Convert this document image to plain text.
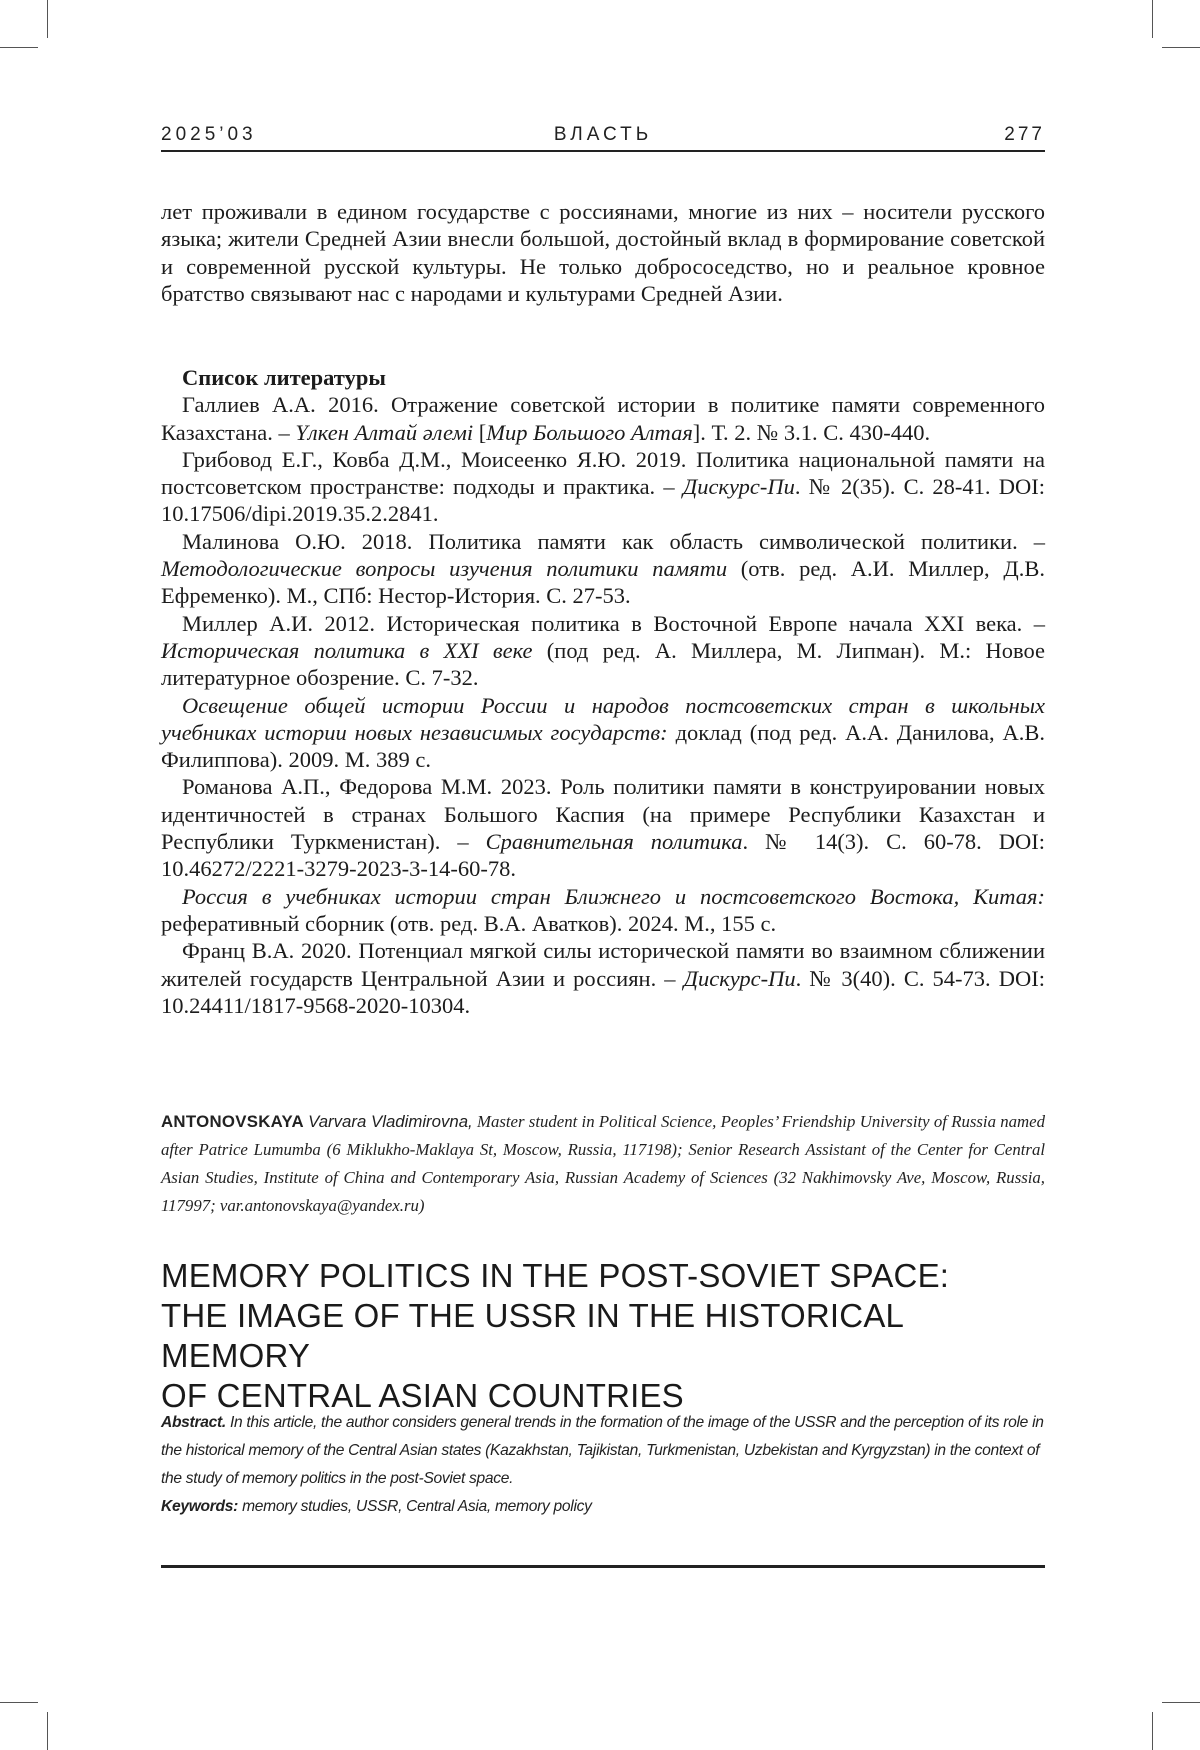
ВЛАСТЬ
2025’03	277
лет проживали в едином государстве с россиянами, многие из них – носители русского языка; жители Средней Азии внесли большой, достойный вклад в формирование советской и современной русской культуры. Не только добрососедство, но и реальное кровное братство связывают нас с народами и культурами Средней Азии.
Список литературы

Галлиев А.А. 2016. Отражение советской истории в политике памяти современного Казахстана. – Үлкен Алтай әлемі [Мир Большого Алтая]. Т. 2. № 3.1. С. 430-440.

Грибовод Е.Г., Ковба Д.М., Моисеенко Я.Ю. 2019. Политика национальной памяти на постсоветском пространстве: подходы и практика. – Дискурс-Пи. № 2(35). С. 28-41. DOI: 10.17506/dipi.2019.35.2.2841.

Малинова О.Ю. 2018. Политика памяти как область символической политики. – Методологические вопросы изучения политики памяти (отв. ред. А.И. Миллер, Д.В. Ефременко). М., СПб: Нестор-История. С. 27-53.

Миллер А.И. 2012. Историческая политика в Восточной Европе начала XXI века. – Историческая политика в XXI веке (под ред. А. Миллера, М. Липман). М.: Новое литературное обозрение. С. 7-32.

Освещение общей истории России и народов постсоветских стран в школьных учебниках истории новых независимых государств: доклад (под ред. А.А. Данилова, А.В. Филиппова). 2009. М. 389 с.

Романова А.П., Федорова М.М. 2023. Роль политики памяти в конструировании новых идентичностей в странах Большого Каспия (на примере Республики Казахстан и Республики Туркменистан). – Сравнительная политика. № 14(3). С. 60-78. DOI: 10.46272/2221-3279-2023-3-14-60-78.

Россия в учебниках истории стран Ближнего и постсоветского Востока, Китая: реферативный сборник (отв. ред. В.А. Аватков). 2024. М., 155 с.

Франц В.А. 2020. Потенциал мягкой силы исторической памяти во взаимном сближении жителей государств Центральной Азии и россиян. – Дискурс-Пи. № 3(40). С. 54-73. DOI: 10.24411/1817-9568-2020-10304.

ANTONOVSKAYA Varvara Vladimirovna, Master student in Political Science, Peoples’ Friendship University of Russia named after Patrice Lumumba (6 Miklukho-Maklaya St, Moscow, Russia, 117198); Senior Research Assistant of the Center for Central Asian Studies, Institute of China and Contemporary Asia, Russian Academy of Sciences (32 Nakhimovsky Ave, Moscow, Russia, 117997; var.antonovskaya@yandex.ru)
MEMORY POLITICS IN THE POST-SOVIET SPACE:
THE IMAGE OF THE USSR IN THE HISTORICAL MEMORY
OF CENTRAL ASIAN COUNTRIES
Abstract. In this article, the author considers general trends in the formation of the image of the USSR and the perception of its role in the historical memory of the Central Asian states (Kazakhstan, Tajikistan, Turkmenistan, Uzbekistan and Kyrgyzstan) in the context of the study of memory politics in the post-Soviet space.
Keywords: memory studies, USSR, Central Asia, memory policy
